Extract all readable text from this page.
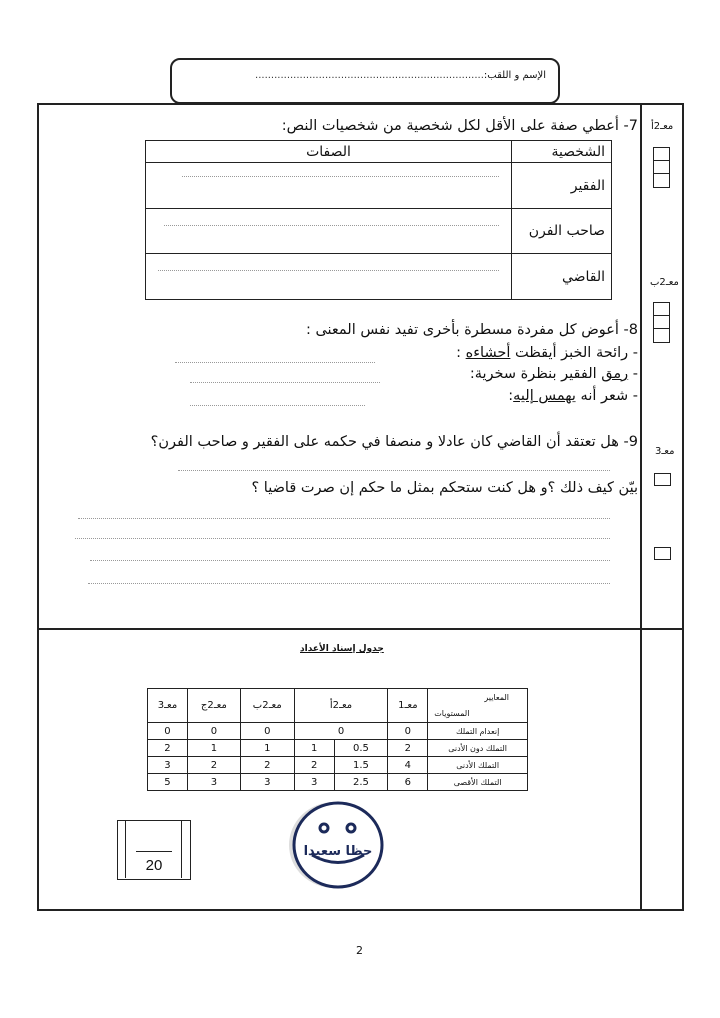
الإسم و اللقب:........................................................................
7- أعطي صفة على الأقل لكل شخصية من شخصيات النص:
الشخصية	الصفات
الفقير	

صاحب الفرن	

القاضي	
8- أعوض كل مفردة مسطرة بأخرى تفيد نفس المعنى :
- رائحة الخبز أيقظت أحشاءه :
- رمق الفقير بنظرة سخرية:
- شعر أنه يهمس إليه:
9- هل تعتقد أن القاضي كان عادلا و منصفا في حكمه على الفقير و صاحب الفرن؟
بيّن كيف ذلك ؟و هل كنت ستحكم بمثل ما حكم إن صرت قاضيا ؟
معـ2أ
معـ2ب
معـ3
جدول إسناد الأعداد
المعايير
المستويات	معـ1	معـ2أ		معـ2ب	معـ2ج	معـ3
إنعدام التملك	0	0		0	0	0
التملك دون الأدنى	2	0.5	1	1	1	2
التملك الأدنى	4	1.5	2	2	2	3
التملك الأقصى	6	2.5	3	3	3	5
20
حظا سعيدا
2
